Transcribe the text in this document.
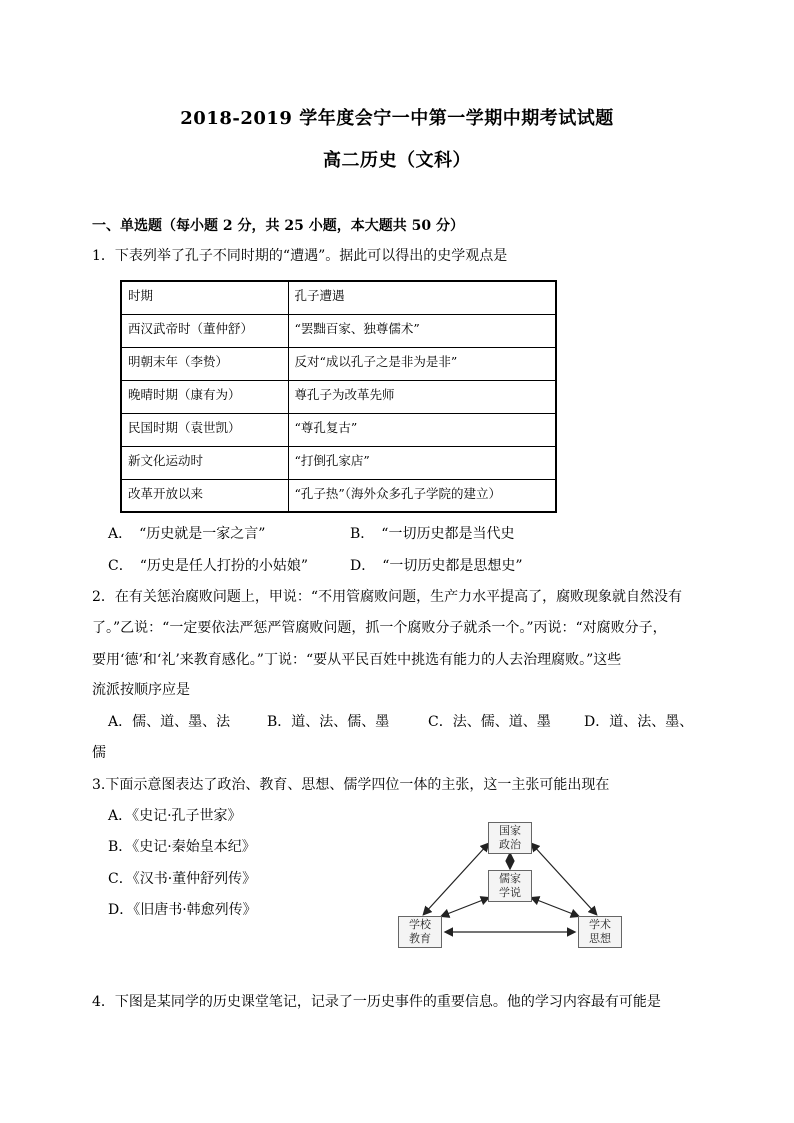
2018-2019 学年度会宁一中第一学期中期考试试题
高二历史（文科）
一、单选题（每小题 2 分，共 25 小题，本大题共 50 分）
1．下表列举了孔子不同时期的“遭遇”。据此可以得出的史学观点是
时期	孔子遭遇
西汉武帝时（董仲舒）	“罢黜百家、独尊儒术”
明朝末年（李贽）	反对“成以孔子之是非为是非”
晚晴时期（康有为）	尊孔子为改革先师
民国时期（袁世凯）	“尊孔复古”
新文化运动时	“打倒孔家店”
改革开放以来	“孔子热”（海外众多孔子学院的建立）
A．　“历史就是一家之言”	B．　“一切历史都是当代史
C．　“历史是任人打扮的小姑娘”	D．　“一切历史都是思想史”
2．在有关惩治腐败问题上，甲说：“不用管腐败问题，生产力水平提高了，腐败现象就自然没有
了。”乙说：“一定要依法严惩严管腐败问题，抓一个腐败分子就杀一个。”丙说：“对腐败分子，
要用‘德’和‘礼’来教育感化。”丁说：“要从平民百姓中挑选有能力的人去治理腐败。”这些
流派按顺序应是
A．儒、道、墨、法	B．道、法、儒、墨	C．法、儒、道、墨 D．道、法、墨、
儒
3.下面示意图表达了政治、教育、思想、儒学四位一体的主张，这一主张可能出现在
A．《史记·孔子世家》
B．《史记·秦始皇本纪》
C．《汉书·董仲舒列传》
D．《旧唐书·韩愈列传》
国家
政治
儒家
学说
学校
教育
学术
思想
4．下图是某同学的历史课堂笔记，记录了一历史事件的重要信息。他的学习内容最有可能是
